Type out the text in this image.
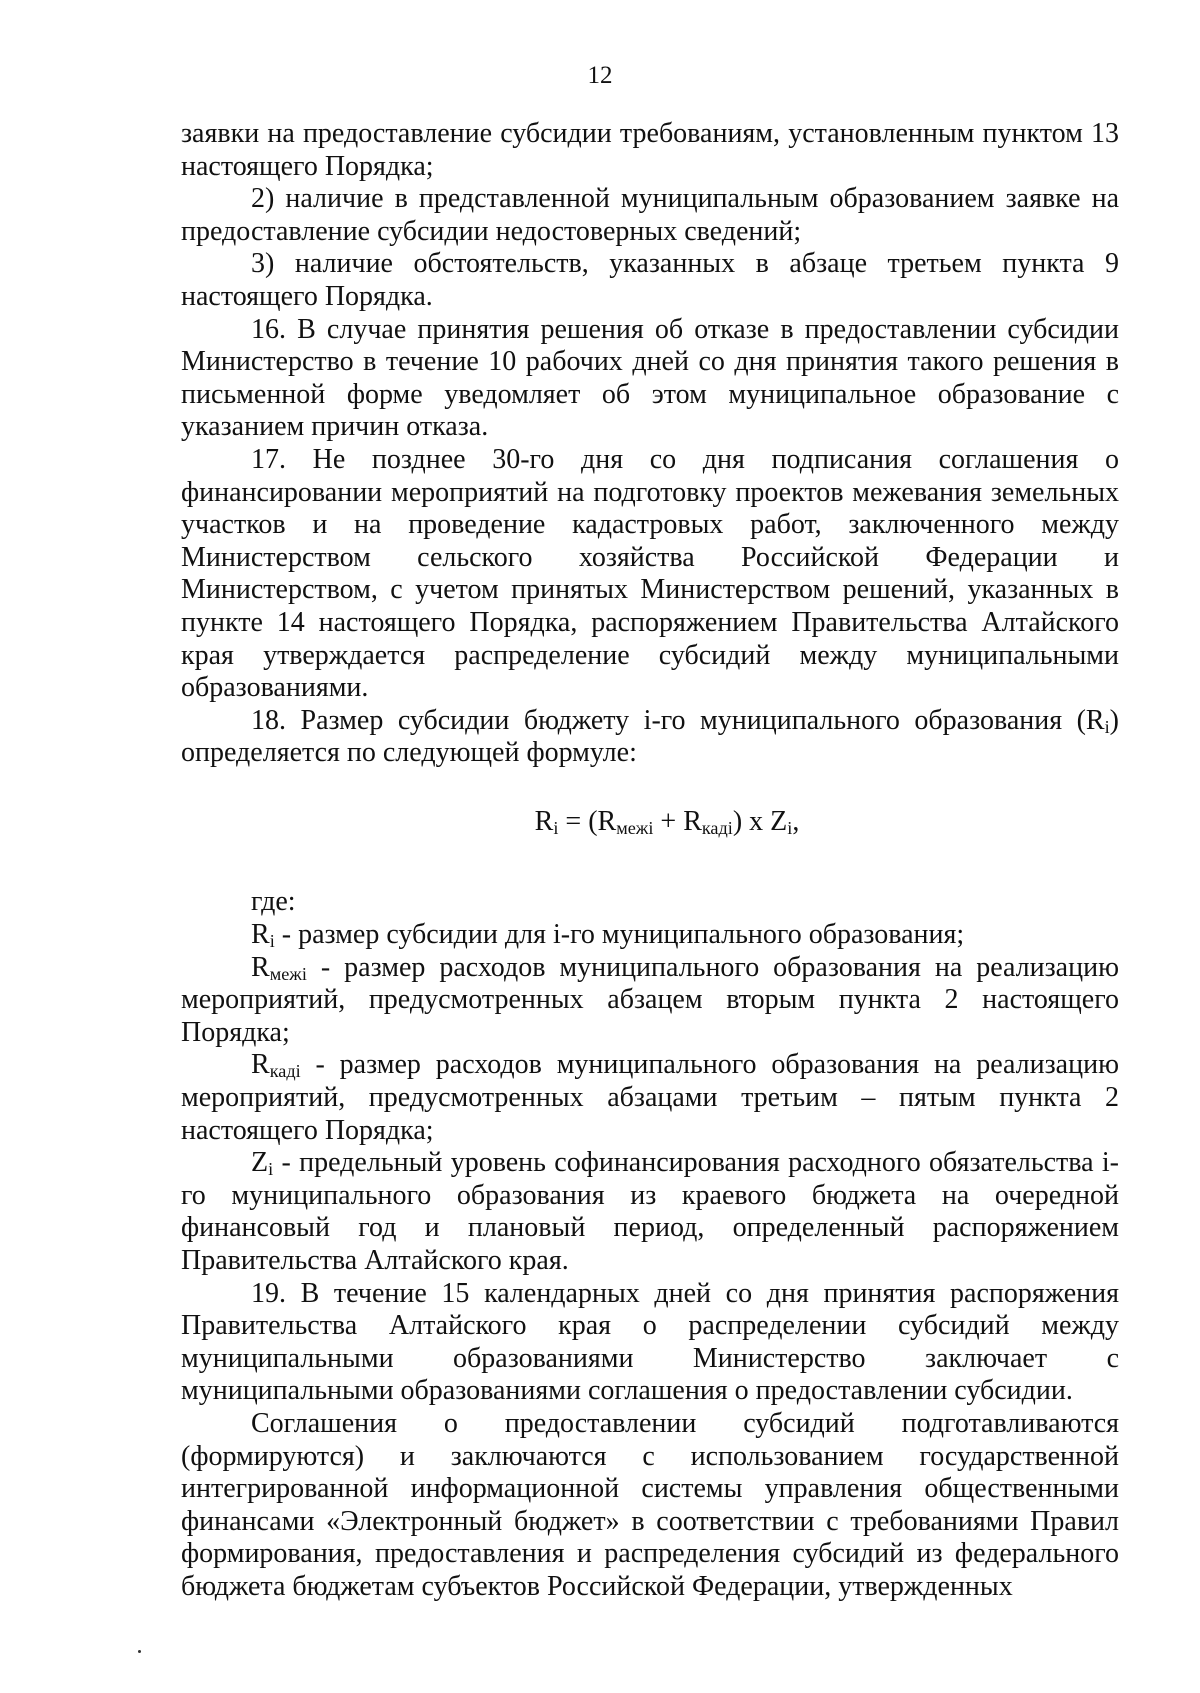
12

заявки на предоставление субсидии требованиям, установленным пунктом 13 настоящего Порядка;

2) наличие в представленной муниципальным образованием заявке на предоставление субсидии недостоверных сведений;

3) наличие обстоятельств, указанных в абзаце третьем пункта 9 настоящего Порядка.

16. В случае принятия решения об отказе в предоставлении субсидии Министерство в течение 10 рабочих дней со дня принятия такого решения в письменной форме уведомляет об этом муниципальное образование с указанием причин отказа.

17. Не позднее 30-го дня со дня подписания соглашения о финансировании мероприятий на подготовку проектов межевания земельных участков и на проведение кадастровых работ, заключенного между Министерством сельского хозяйства Российской Федерации и Министерством, с учетом принятых Министерством решений, указанных в пункте 14 настоящего Порядка, распоряжением Правительства Алтайского края утверждается распределение субсидий между муниципальными образованиями.

18. Размер субсидии бюджету i-го муниципального образования $(R_i)$ определяется по следующей формуле:

$R_i = (R_{межi} + R_{кадi})$ x $Z_i$,

где:

$R_i$ - размер субсидии для i-го муниципального образования;

$R_{межi}$ - размер расходов муниципального образования на реализацию мероприятий, предусмотренных абзацем вторым пункта 2 настоящего Порядка;

$R_{кадi}$ - размер расходов муниципального образования на реализацию мероприятий, предусмотренных абзацами третьим – пятым пункта 2 настоящего Порядка;

$Z_i$ - предельный уровень софинансирования расходного обязательства i-го муниципального образования из краевого бюджета на очередной финансовый год и плановый период, определенный распоряжением Правительства Алтайского края.

19. В течение 15 календарных дней со дня принятия распоряжения Правительства Алтайского края о распределении субсидий между муниципальными образованиями Министерство заключает с муниципальными образованиями соглашения о предоставлении субсидии.

Соглашения о предоставлении субсидий подготавливаются (формируются) и заключаются с использованием государственной интегрированной информационной системы управления общественными финансами «Электронный бюджет» в соответствии с требованиями Правил формирования, предоставления и распределения субсидий из федерального бюджета бюджетам субъектов Российской Федерации, утвержденных
